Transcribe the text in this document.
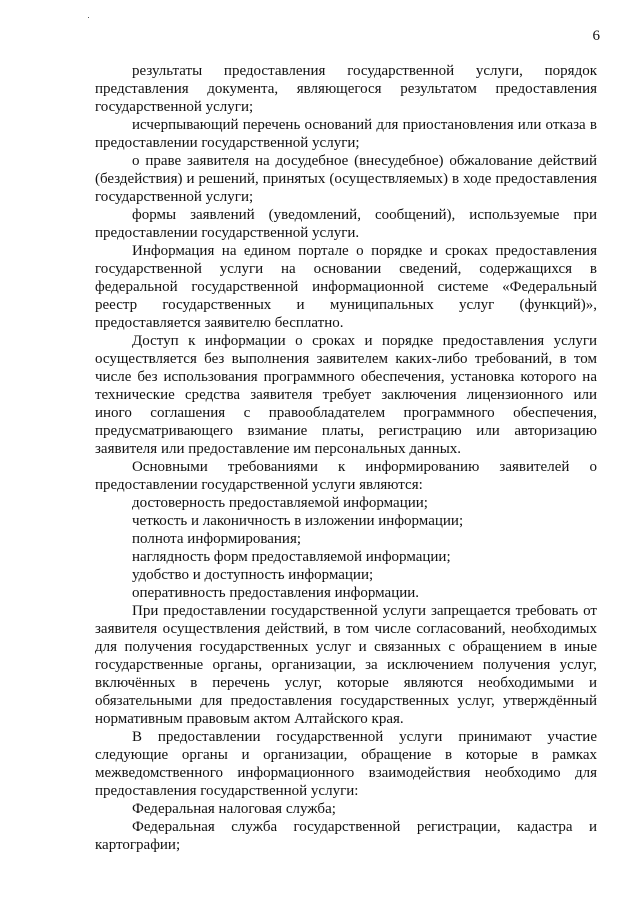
6

результаты предоставления государственной услуги, порядок представления документа, являющегося результатом предоставления государственной услуги;

исчерпывающий перечень оснований для приостановления или отказа в предоставлении государственной услуги;

о праве заявителя на досудебное (внесудебное) обжалование действий (бездействия) и решений, принятых (осуществляемых) в ходе предоставления государственной услуги;

формы заявлений (уведомлений, сообщений), используемые при предоставлении государственной услуги.

Информация на едином портале о порядке и сроках предоставления государственной услуги на основании сведений, содержащихся в федеральной государственной информационной системе «Федеральный реестр государственных и муниципальных услуг (функций)», предоставляется заявителю бесплатно.

Доступ к информации о сроках и порядке предоставления услуги осуществляется без выполнения заявителем каких-либо требований, в том числе без использования программного обеспечения, установка которого на технические средства заявителя требует заключения лицензионного или иного соглашения с правообладателем программного обеспечения, предусматривающего взимание платы, регистрацию или авторизацию заявителя или предоставление им персональных данных.

Основными требованиями к информированию заявителей о предоставлении государственной услуги являются:

достоверность предоставляемой информации;

четкость и лаконичность в изложении информации;

полнота информирования;

наглядность форм предоставляемой информации;

удобство и доступность информации;

оперативность предоставления информации.

При предоставлении государственной услуги запрещается требовать от заявителя осуществления действий, в том числе согласований, необходимых для получения государственных услуг и связанных с обращением в иные государственные органы, организации, за исключением получения услуг, включённых в перечень услуг, которые являются необходимыми и обязательными для предоставления государственных услуг, утверждённый нормативным правовым актом Алтайского края.

В предоставлении государственной услуги принимают участие следующие органы и организации, обращение в которые в рамках межведомственного информационного взаимодействия необходимо для предоставления государственной услуги:

Федеральная налоговая служба;

Федеральная служба государственной регистрации, кадастра и картографии;
